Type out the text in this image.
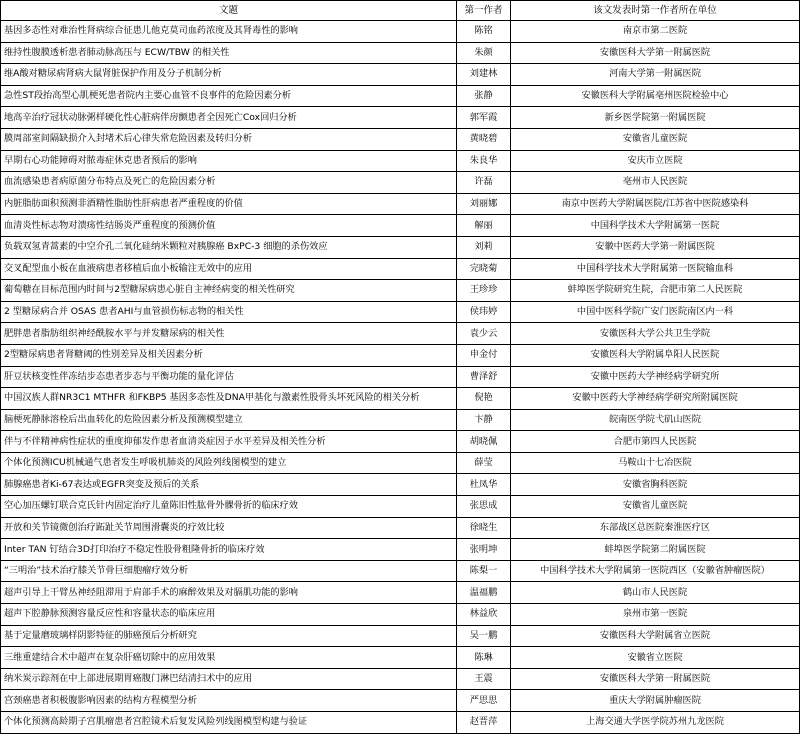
文题	第一作者	该文发表时第一作者所在单位
基因多态性对难治性肾病综合征患儿他克莫司血药浓度及其肾毒性的影响	陈铭	南京市第二医院
维持性腹膜透析患者肺动脉高压与 ECW/TBW 的相关性	朱颜	安徽医科大学第一附属医院
维A酸对糖尿病肾病大鼠肾脏保护作用及分子机制分析	刘建林	河南大学第一附属医院
急性ST段抬高型心肌梗死患者院内主要心血管不良事件的危险因素分析	张静	安徽医科大学附属亳州医院检验中心
地高辛治疗冠状动脉粥样硬化性心脏病伴房颤患者全因死亡Cox回归分析	郭军霞	新乡医学院第一附属医院
膜周部室间隔缺损介入封堵术后心律失常危险因素及转归分析	黄晓碧	安徽省儿童医院
早期右心功能障碍对脓毒症休克患者预后的影响	朱良华	安庆市立医院
血流感染患者病原菌分布特点及死亡的危险因素分析	许磊	亳州市人民医院
内脏脂肪面积预测非酒精性脂肪性肝病患者严重程度的价值	刘丽娜	南京中医药大学附属医院/江苏省中医院感染科
血清炎性标志物对溃疡性结肠炎严重程度的预测价值	解丽	中国科学技术大学附属第一医院
负载双氢青蒿素的中空介孔二氧化硅纳米颗粒对胰腺癌 BxPC-3 细胞的杀伤效应	刘莉	安徽中医药大学第一附属医院
交叉配型血小板在血液病患者移植后血小板输注无效中的应用	完晓菊	中国科学技术大学附属第一医院输血科
葡萄糖在目标范围内时间与2型糖尿病患心脏自主神经病变的相关性研究	王珍珍	蚌埠医学院研究生院，合肥市第二人民医院
2 型糖尿病合并 OSAS 患者AHI与血管损伤标志物的相关性	侯玮婷	中国中医科学院广安门医院南区内一科
肥胖患者脂肪组织神经酰胺水平与并发糖尿病的相关性	袁少云	安徽医科大学公共卫生学院
2型糖尿病患者肾糖阈的性别差异及相关因素分析	申金付	安徽医科大学附属阜阳人民医院
肝豆状核变性伴冻结步态患者步态与平衡功能的量化评估	曹泽舒	安徽中医药大学神经病学研究所
中国汉族人群NR3C1 MTHFR 和FKBP5 基因多态性及DNA甲基化与激素性股骨头坏死风险的相关分析	倪艳	安徽中医药大学神经病学研究所附属医院
脑梗死静脉溶栓后出血转化的危险因素分析及预测模型建立	卞静	皖南医学院弋矶山医院
伴与不伴精神病性症状的重度抑郁发作患者血清炎症因子水平差异及相关性分析	胡晓佩	合肥市第四人民医院
个体化预测ICU机械通气患者发生呼吸机肺炎的风险列线图模型的建立	薛莹	马鞍山十七冶医院
肺腺癌患者Ki-67表达或EGFR突变及预后的关系	杜凤华	安徽省胸科医院
空心加压螺钉联合克氏针内固定治疗儿童陈旧性肱骨外髁骨折的临床疗效	张思成	安徽省儿童医院
开放和关节镜微创治疗跖趾关节周围滑囊炎的疗效比较	徐晓生	东部战区总医院秦淮医疗区
Inter TAN 钉结合3D打印治疗不稳定性股骨粗隆骨折的临床疗效	张明坤	蚌埠医学院第二附属医院
“三明治”技术治疗膝关节骨巨细胞瘤疗效分析	陈梨一	中国科学技术大学附属第一医院西区（安徽省肿瘤医院）
超声引导上干臂丛神经阻滞用于肩部手术的麻醉效果及对膈肌功能的影响	温福鹏	鹤山市人民医院
超声下腔静脉预测容量反应性和容量状态的临床应用	林益欣	泉州市第一医院
基于定量磨玻璃样阴影特征的肺癌预后分析研究	吴一鹏	安徽医科大学附属省立医院
三维重建结合术中超声在复杂肝癌切除中的应用效果	陈琳	安徽省立医院
纳米炭示踪剂在中上部进展期胃癌腹门淋巴结清扫术中的应用	王震	安徽医科大学第一附属医院
宫颈癌患者积极腹影响因素的结构方程模型分析	严思思	重庆大学附属肿瘤医院
个体化预测高龄期子宫肌瘤患者宫腔镜术后复发风险列线图模型构建与验证	赵晋萍	上海交通大学医学院苏州九龙医院
